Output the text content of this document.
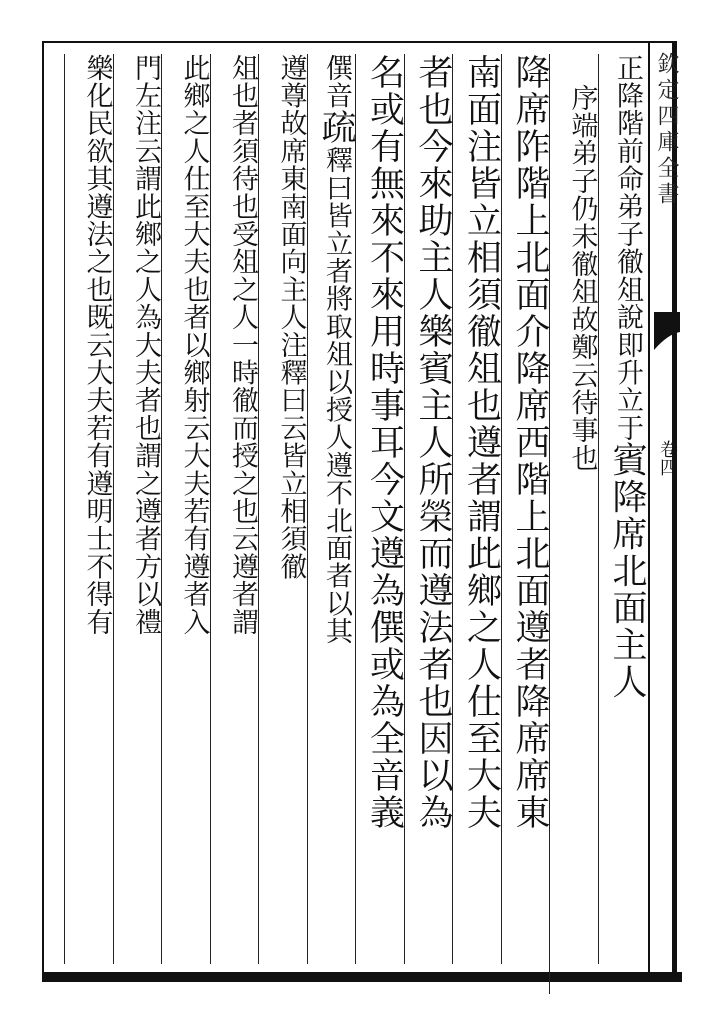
欽定四庫全書
卷四
正降階前命弟子徹俎說即升立于賓降席北面主人
序端弟子仍未徹俎故鄭云待事也
降席阼階上北面介降席西階上北面遵者降席席東
南面注皆立相須徹俎也遵者謂此鄉之人仕至大夫
者也今來助主人樂賓主人所榮而遵法者也因以為
名或有無來不來用時事耳今文遵為僎或為全音義
僎音疏釋曰皆立者將取俎以授人遵不北面者以其
遵尊故席東南面向主人注釋曰云皆立相須徹
俎也者須待也受俎之人一時徹而授之也云遵者謂
此鄉之人仕至大夫也者以鄉射云大夫若有遵者入
門左注云謂此鄉之人為大夫者也謂之遵者方以禮
樂化民欲其遵法之也既云大夫若有遵明士不得有
